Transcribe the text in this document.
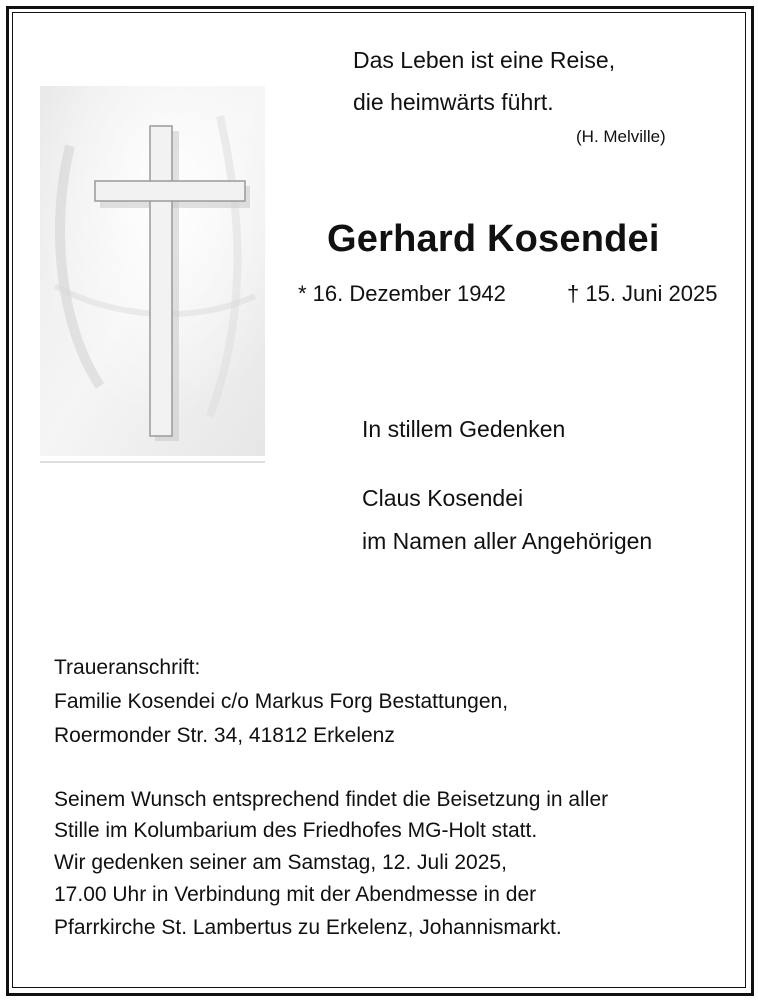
Das Leben ist eine Reise,
die heimwärts führt.
(H. Melville)
Gerhard Kosendei
* 16. Dezember 1942	† 15. Juni 2025
In stillem Gedenken
Claus Kosendei
im Namen aller Angehörigen
Traueranschrift:
Familie Kosendei c/o Markus Forg Bestattungen,
Roermonder Str. 34, 41812 Erkelenz
Seinem Wunsch entsprechend findet die Beisetzung in aller
Stille im Kolumbarium des Friedhofes MG-Holt statt.
Wir gedenken seiner am Samstag, 12. Juli 2025,
17.00 Uhr in Verbindung mit der Abendmesse in der
Pfarrkirche St. Lambertus zu Erkelenz, Johannismarkt.
